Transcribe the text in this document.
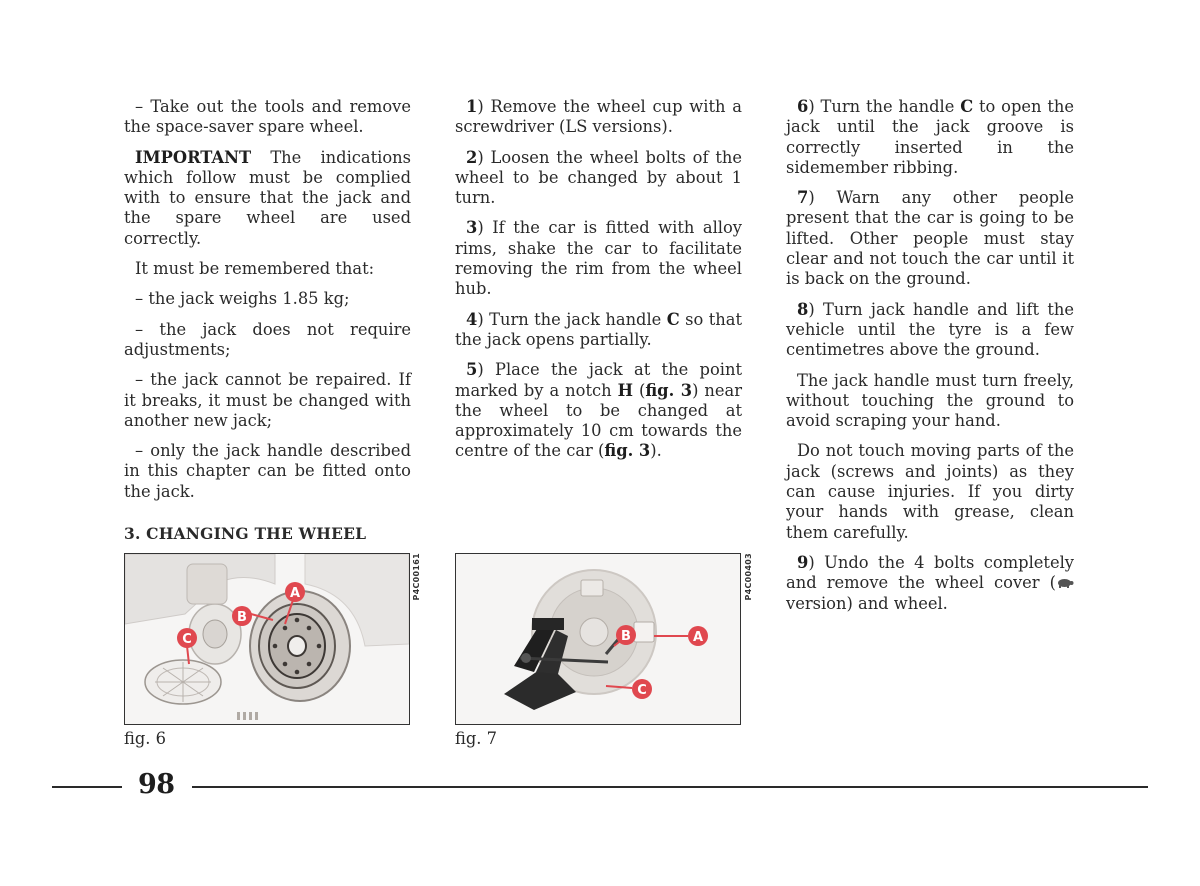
– Take out the tools and remove the space-saver spare wheel.

IMPORTANT The indications which follow must be complied with to ensure that the jack and the spare wheel are used correctly.

It must be remembered that:

– the jack weighs 1.85 kg;

– the jack does not require adjustments;

– the jack cannot be repaired. If it breaks, it must be changed with another new jack;

– only the jack handle described in this chapter can be fitted onto the jack.

3. CHANGING THE WHEEL

1) Remove the wheel cup with a screwdriver (LS versions).

2) Loosen the wheel bolts of the wheel to be changed by about 1 turn.

3) If the car is fitted with alloy rims, shake the car to facilitate removing the rim from the wheel hub.

4) Turn the jack handle C so that the jack opens partially.

5) Place the jack at the point marked by a notch H (fig. 3) near the wheel to be changed at approximately 10 cm towards the centre of the car (fig. 3).

6) Turn the handle C to open the jack until the jack groove is correctly inserted in the sidemember ribbing.

7) Warn any other people present that the car is going to be lifted. Other people must stay clear and not touch the car until it is back on the ground.

8) Turn jack handle and lift the vehicle until the tyre is a few centimetres above the ground.

The jack handle must turn freely, without touching the ground to avoid scraping your hand.

Do not touch moving parts of the jack (screws and joints) as they can cause injuries. If you dirty your hands with grease, clean them carefully.

9) Undo the 4 bolts completely and remove the wheel cover ( version) and wheel.

A
B
C
P4C00161
fig. 6
A
B
C
P4C00403
fig. 7
98
